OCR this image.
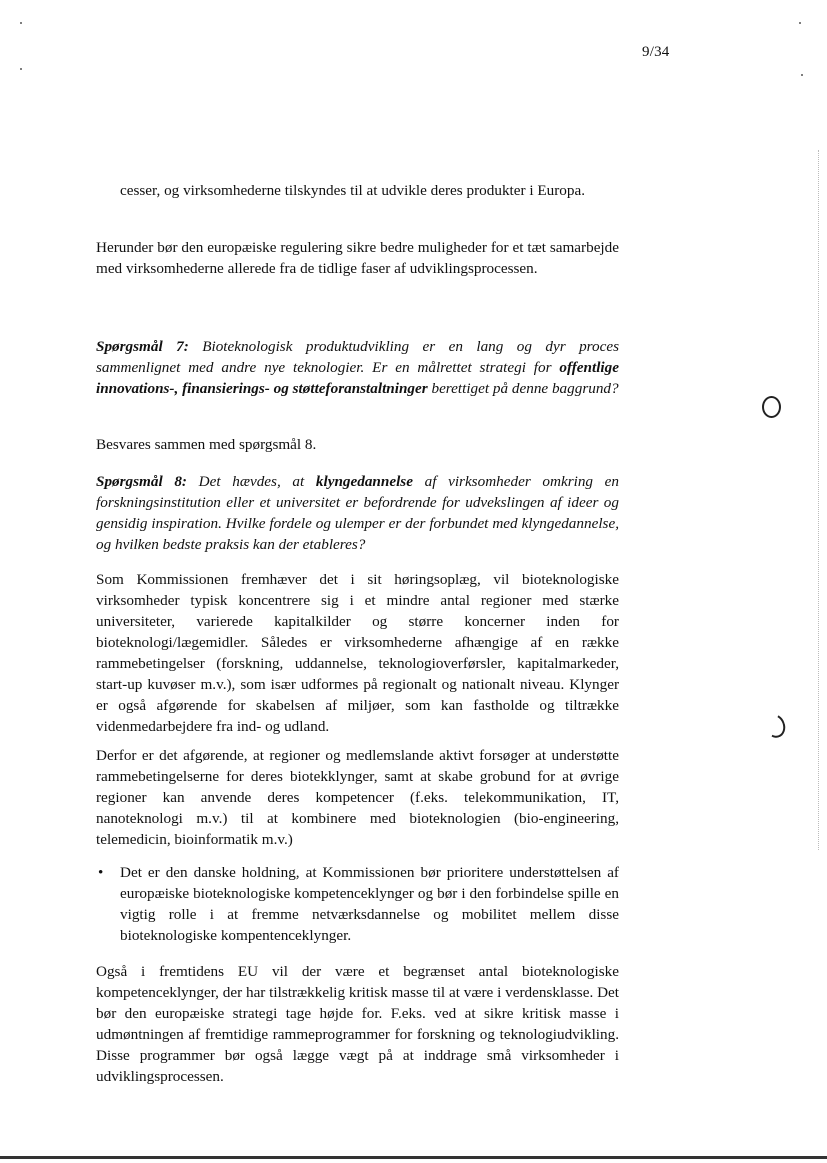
9/34

cesser, og virksomhederne tilskyndes til at udvikle deres produkter i Europa.

Herunder bør den europæiske regulering sikre bedre muligheder for et tæt samarbejde med virksomhederne allerede fra de tidlige faser af udviklingsprocessen.

Spørgsmål 7: Bioteknologisk produktudvikling er en lang og dyr proces sammenlignet med andre nye teknologier. Er en målrettet strategi for offentlige innovations-, finansierings- og støtteforanstaltninger berettiget på denne baggrund?

Besvares sammen med spørgsmål 8.

Spørgsmål 8: Det hævdes, at klyngedannelse af virksomheder omkring en forskningsinstitution eller et universitet er befordrende for udvekslingen af ideer og gensidig inspiration. Hvilke fordele og ulemper er der forbundet med klyngedannelse, og hvilken bedste praksis kan der etableres?

Som Kommissionen fremhæver det i sit høringsoplæg, vil bioteknologiske virksomheder typisk koncentrere sig i et mindre antal regioner med stærke universiteter, varierede kapitalkilder og større koncerner inden for bioteknologi/lægemidler. Således er virksomhederne afhængige af en række rammebetingelser (forskning, uddannelse, teknologioverførsler, kapitalmarkeder, start-up kuvøser m.v.), som især udformes på regionalt og nationalt niveau. Klynger er også afgørende for skabelsen af miljøer, som kan fastholde og tiltrække videnmedarbejdere fra ind- og udland.

Derfor er det afgørende, at regioner og medlemslande aktivt forsøger at understøtte rammebetingelserne for deres biotekklynger, samt at skabe grobund for at øvrige regioner kan anvende deres kompetencer (f.eks. telekommunikation, IT, nanoteknologi m.v.) til at kombinere med bioteknologien (bio-engineering, telemedicin, bioinformatik m.v.)

• Det er den danske holdning, at Kommissionen bør prioritere understøttelsen af europæiske bioteknologiske kompetenceklynger og bør i den forbindelse spille en vigtig rolle i at fremme netværksdannelse og mobilitet mellem disse bioteknologiske kompentenceklynger.

Også i fremtidens EU vil der være et begrænset antal bioteknologiske kompetenceklynger, der har tilstrækkelig kritisk masse til at være i verdensklasse. Det bør den europæiske strategi tage højde for. F.eks. ved at sikre kritisk masse i udmøntningen af fremtidige rammeprogrammer for forskning og teknologiudvikling. Disse programmer bør også lægge vægt på at inddrage små virksomheder i udviklingsprocessen.
